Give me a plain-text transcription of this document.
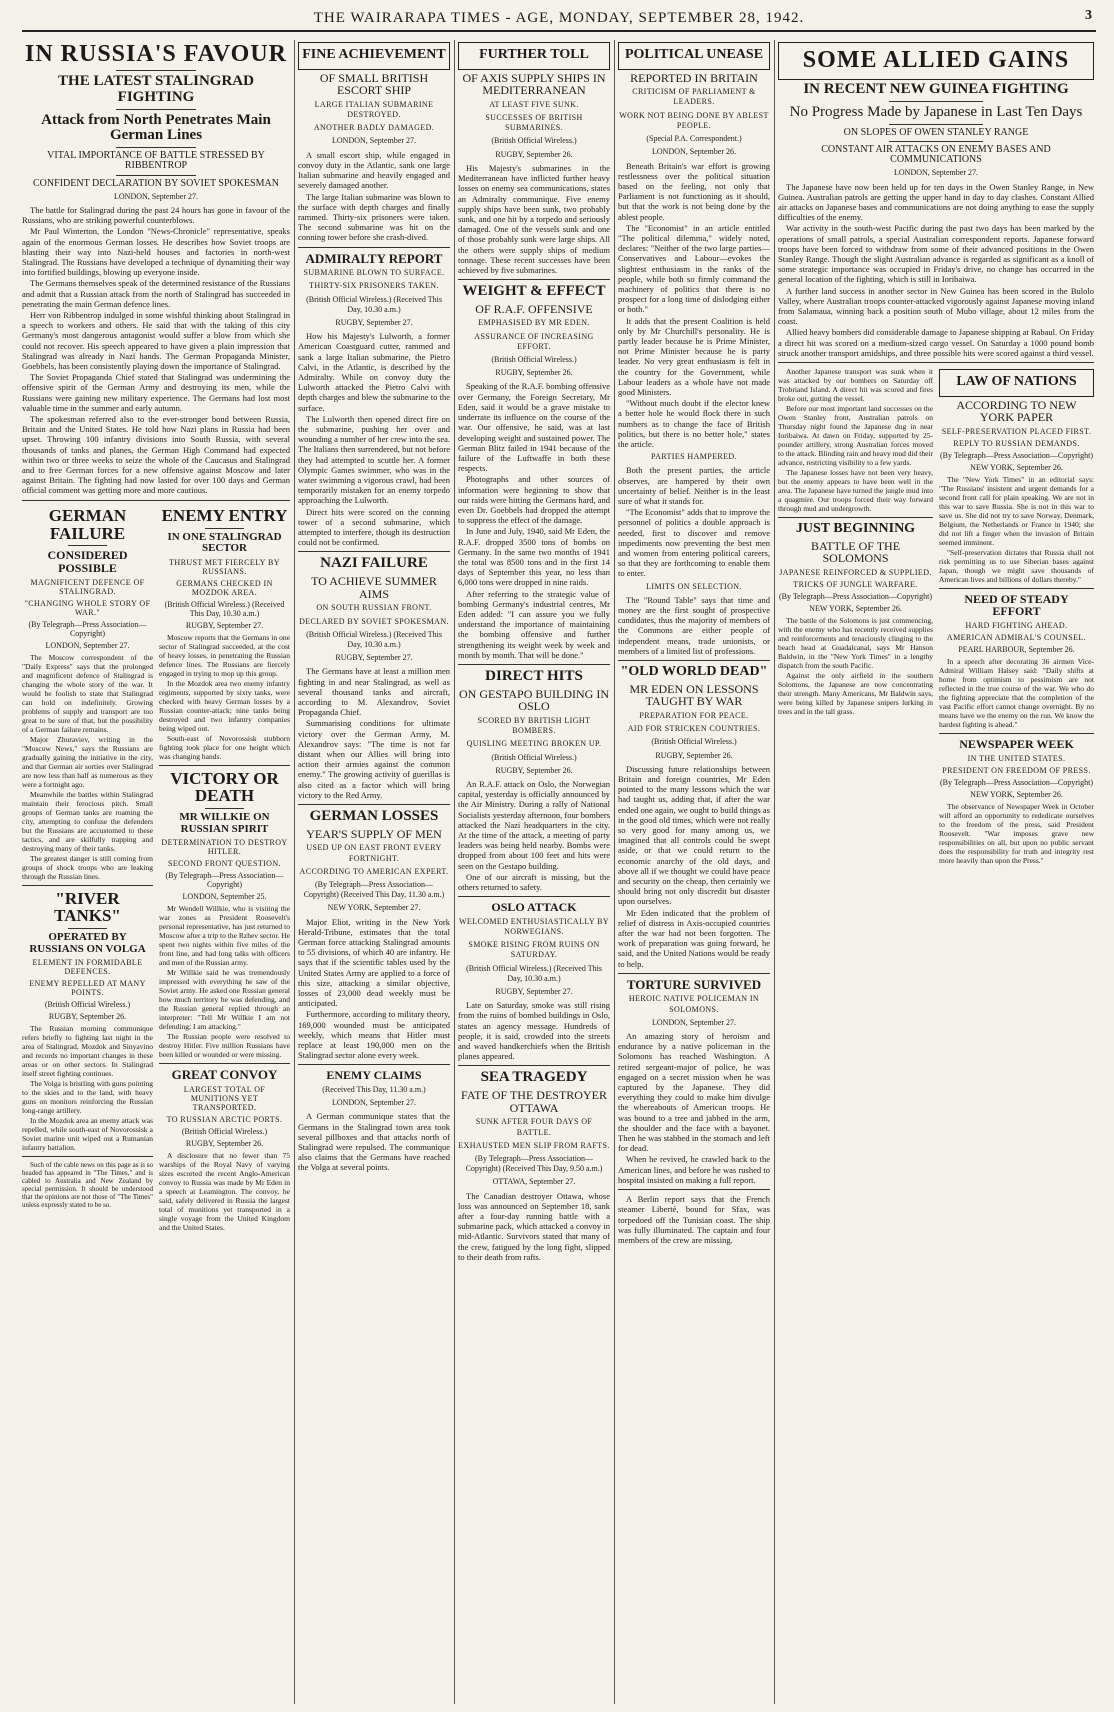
THE WAIRARAPA TIMES - AGE, MONDAY, SEPTEMBER 28, 1942.	3
IN RUSSIA'S FAVOUR
THE LATEST STALINGRAD FIGHTING
Attack from North Penetrates Main German Lines
VITAL IMPORTANCE OF BATTLE STRESSED BY RIBBENTROP
CONFIDENT DECLARATION BY SOVIET SPOKESMAN
LONDON, September 27.

The battle for Stalingrad during the past 24 hours has gone in favour of the Russians, who are striking powerful counterblows.

Mr Paul Winterton, the London "News-Chronicle" representative, speaks again of the enormous German losses. He describes how Soviet troops are blasting their way into Nazi-held houses and factories in north-west Stalingrad. The Russians have developed a technique of dynamiting their way into fortified buildings, blowing up everyone inside.

The Germans themselves speak of the determined resistance of the Russians and admit that a Russian attack from the north of Stalingrad has succeeded in penetrating the main German defence lines.

Herr von Ribbentrop indulged in some wishful thinking about Stalingrad in a speech to workers and others. He said that with the taking of this city Germany's most dangerous antagonist would suffer a blow from which she could not recover. His speech appeared to have given a plain impression that Stalingrad was already in Nazi hands. The German Propaganda Minister, Goebbels, has been consistently playing down the importance of Stalingrad.

The Soviet Propaganda Chief stated that Stalingrad was undermining the offensive spirit of the German Army and destroying its men, while the Russians were gaining new military experience. The Germans had lost most valuable time in the summer and early autumn.

The spokesman referred also to the ever-stronger bond between Russia, Britain and the United States. He told how Nazi plans in Russia had been upset. Throwing 100 infantry divisions into South Russia, with several thousands of tanks and planes, the German High Command had expected within two or three weeks to seize the whole of the Caucasus and Stalingrad and to free German forces for a new offensive against Moscow and later against Britain. The fighting had now lasted for over 100 days and German official comment was getting more and more cautious.

GERMAN FAILURE
CONSIDERED POSSIBLE
MAGNIFICENT DEFENCE OF STALINGRAD.
"CHANGING WHOLE STORY OF WAR."
(By Telegraph—Press Association—Copyright)
LONDON, September 27.

The Moscow correspondent of the "Daily Express" says that the prolonged and magnificent defence of Stalingrad is changing the whole story of the war. It would be foolish to state that Stalingrad can hold on indefinitely. Growing problems of supply and transport are too great to be sure of that, but the possibility of a German failure remains.

Major Zhuraviev, writing in the "Moscow News," says the Russians are gradually gaining the initiative in the city, and that German air sorties over Stalingrad are now less than half as numerous as they were a fortnight ago.

Meanwhile the battles within Stalingrad maintain their ferocious pitch. Small groups of German tanks are roaming the city, attempting to confuse the defenders but the Russians are accustomed to these tactics, and are skilfully trapping and destroying many of their tanks.

The greatest danger is still coming from groups of shock troops who are leaking through the Russian lines.

"RIVER TANKS"
OPERATED BY RUSSIANS ON VOLGA
ELEMENT IN FORMIDABLE DEFENCES.
ENEMY REPELLED AT MANY POINTS.
(British Official Wireless.)
RUGBY, September 26.

The Russian morning communique refers briefly to fighting last night in the area of Stalingrad, Mozdok and Sinyavino and records no important changes in these areas or on other sectors. In Stalingrad itself street fighting continues.

The Volga is bristling with guns pointing to the skies and to the land, with heavy guns on monitors reinforcing the Russian long-range artillery.

In the Mozdok area an enemy attack was repelled, while south-east of Novorossisk a Soviet marine unit wiped out a Rumanian infantry battalion.

Such of the cable news on this page as is so headed has appeared in "The Times," and is cabled to Australia and New Zealand by special permission. It should be understood that the opinions are not those of "The Times" unless expressly stated to be so.

ENEMY ENTRY
IN ONE STALINGRAD SECTOR
THRUST MET FIERCELY BY RUSSIANS.
GERMANS CHECKED IN MOZDOK AREA.
(British Official Wireless.) (Received This Day, 10.30 a.m.)
RUGBY, September 27.

Moscow reports that the Germans in one sector of Stalingrad succeeded, at the cost of heavy losses, in penetrating the Russian defence lines. The Russians are fiercely engaged in trying to mop up this group.

In the Mozdok area two enemy infantry regiments, supported by sixty tanks, were checked with heavy German losses by a Russian counter-attack; nine tanks being destroyed and two infantry companies being wiped out.

South-east of Novorossisk stubborn fighting took place for one height which was changing hands.

VICTORY OR DEATH
MR WILLKIE ON RUSSIAN SPIRIT
DETERMINATION TO DESTROY HITLER.
SECOND FRONT QUESTION.
(By Telegraph—Press Association—Copyright)
LONDON, September 25.

Mr Wendell Willkie, who is visiting the war zones as President Roosevelt's personal representative, has just returned to Moscow after a trip to the Rzhev sector. He spent two nights within five miles of the front line, and had long talks with officers and men of the Russian army.

Mr Willkie said he was tremendously impressed with everything he saw of the Soviet army. He asked one Russian general how much territory he was defending, and the Russian general replied through an interpreter: "Tell Mr Willkie I am not defending; I am attacking."

The Russian people were resolved to destroy Hitler. Five million Russians have been killed or wounded or were missing.

GREAT CONVOY
LARGEST TOTAL OF MUNITIONS YET TRANSPORTED.
TO RUSSIAN ARCTIC PORTS.
(British Official Wireless.)
RUGBY, September 26.

A disclosure that no fewer than 75 warships of the Royal Navy of varying sizes escorted the recent Anglo-American convoy to Russia was made by Mr Eden in a speech at Leamington. The convoy, he said, safely delivered in Russia the largest total of munitions yet transported in a single voyage from the United Kingdom and the United States.

FINE ACHIEVEMENT
OF SMALL BRITISH ESCORT SHIP
LARGE ITALIAN SUBMARINE DESTROYED.
ANOTHER BADLY DAMAGED.
LONDON, September 27.

A small escort ship, while engaged in convoy duty in the Atlantic, sank one large Italian submarine and heavily engaged and severely damaged another.

The large Italian submarine was blown to the surface with depth charges and finally rammed. Thirty-six prisoners were taken. The second submarine was hit on the conning tower before she crash-dived.

ADMIRALTY REPORT
SUBMARINE BLOWN TO SURFACE.
THIRTY-SIX PRISONERS TAKEN.
(British Official Wireless.) (Received This Day, 10.30 a.m.)
RUGBY, September 27.

How his Majesty's Lulworth, a former American Coastguard cutter, rammed and sank a large Italian submarine, the Pietro Calvi, in the Atlantic, is described by the Admiralty. While on convoy duty the Lulworth attacked the Pietro Calvi with depth charges and blew the submarine to the surface.

The Lulworth then opened direct fire on the submarine, pushing her over and wounding a number of her crew into the sea. The Italians then surrendered, but not before they had attempted to scuttle her. A former Olympic Games swimmer, who was in the water swimming a vigorous crawl, had been temporarily mistaken for an enemy torpedo approaching the Lulworth.

Direct hits were scored on the conning tower of a second submarine, which attempted to interfere, though its destruction could not be confirmed.

NAZI FAILURE
TO ACHIEVE SUMMER AIMS
ON SOUTH RUSSIAN FRONT.
DECLARED BY SOVIET SPOKESMAN.
(British Official Wireless.) (Received This Day, 10.30 a.m.)
RUGBY, September 27.

The Germans have at least a million men fighting in and near Stalingrad, as well as several thousand tanks and aircraft, according to M. Alexandrov, Soviet Propaganda Chief.

Summarising conditions for ultimate victory over the German Army, M. Alexandrov says: "The time is not far distant when our Allies will bring into action their armies against the common enemy." The growing activity of guerillas is also cited as a factor which will bring victory to the Red Army.

GERMAN LOSSES
YEAR'S SUPPLY OF MEN
USED UP ON EAST FRONT EVERY FORTNIGHT.
ACCORDING TO AMERICAN EXPERT.
(By Telegraph—Press Association—Copyright) (Received This Day, 11.30 a.m.)
NEW YORK, September 27.

Major Eliot, writing in the New York Herald-Tribune, estimates that the total German force attacking Stalingrad amounts to 55 divisions, of which 40 are infantry. He says that if the scientific tables used by the United States Army are applied to a force of this size, attacking a similar objective, losses of 23,000 dead weekly must be anticipated.

Furthermore, according to military theory, 169,000 wounded must be anticipated weekly, which means that Hitler must replace at least 190,000 men on the Stalingrad sector alone every week.

ENEMY CLAIMS
(Received This Day, 11.30 a.m.)
LONDON, September 27.

A German communique states that the Germans in the Stalingrad town area took several pillboxes and that attacks north of Stalingrad were repulsed. The communique also claims that the Germans have reached the Volga at several points.

FURTHER TOLL
OF AXIS SUPPLY SHIPS IN MEDITERRANEAN
AT LEAST FIVE SUNK.
SUCCESSES OF BRITISH SUBMARINES.
(British Official Wireless.)
RUGBY, September 26.

His Majesty's submarines in the Mediterranean have inflicted further heavy losses on enemy sea communications, states an Admiralty communique. Five enemy supply ships have been sunk, two probably sunk, and one hit by a torpedo and seriously damaged. One of the vessels sunk and one of those probably sunk were large ships. All the others were supply ships of medium tonnage. These recent successes have been achieved by five submarines.

WEIGHT & EFFECT
OF R.A.F. OFFENSIVE
EMPHASISED BY MR EDEN.
ASSURANCE OF INCREASING EFFORT.
(British Official Wireless.)
RUGBY, September 26.

Speaking of the R.A.F. bombing offensive over Germany, the Foreign Secretary, Mr Eden, said it would be a grave mistake to underrate its influence on the course of the war. Our offensive, he said, was at last developing weight and sustained power. The German Blitz failed in 1941 because of the failure of the Luftwaffe in both these respects.

Photographs and other sources of information were beginning to show that our raids were hitting the Germans hard, and even Dr. Goebbels had dropped the attempt to suppress the effect of the damage.

In June and July, 1940, said Mr Eden, the R.A.F. dropped 3500 tons of bombs on Germany. In the same two months of 1941 the total was 8500 tons and in the first 14 days of September this year, no less than 6,000 tons were dropped in nine raids.

After referring to the strategic value of bombing Germany's industrial centres, Mr Eden added: "I can assure you we fully understand the importance of maintaining the bombing offensive and further strengthening its weight week by week and month by month. That will be done."

DIRECT HITS
ON GESTAPO BUILDING IN OSLO
SCORED BY BRITISH LIGHT BOMBERS.
QUISLING MEETING BROKEN UP.
(British Official Wireless.)
RUGBY, September 26.

An R.A.F. attack on Oslo, the Norwegian capital, yesterday is officially announced by the Air Ministry. During a rally of National Socialists yesterday afternoon, four bombers attacked the Nazi headquarters in the city. At the time of the attack, a meeting of party leaders was being held nearby. Bombs were dropped from about 100 feet and hits were seen on the Gestapo building.

One of our aircraft is missing, but the others returned to safety.

OSLO ATTACK
WELCOMED ENTHUSIASTICALLY BY NORWEGIANS.
SMOKE RISING FROM RUINS ON SATURDAY.
(British Official Wireless.) (Received This Day, 10.30 a.m.)
RUGBY, September 27.

Late on Saturday, smoke was still rising from the ruins of bombed buildings in Oslo, states an agency message. Hundreds of people, it is said, crowded into the streets and waved handkerchiefs when the British planes appeared.

SEA TRAGEDY
FATE OF THE DESTROYER OTTAWA
SUNK AFTER FOUR DAYS OF BATTLE.
EXHAUSTED MEN SLIP FROM RAFTS.
(By Telegraph—Press Association—Copyright) (Received This Day, 9.50 a.m.)
OTTAWA, September 27.

The Canadian destroyer Ottawa, whose loss was announced on September 18, sank after a four-day running battle with a submarine pack, which attacked a convoy in mid-Atlantic. Survivors stated that many of the crew, fatigued by the long fight, slipped to their death from rafts.

POLITICAL UNEASE
REPORTED IN BRITAIN
CRITICISM OF PARLIAMENT & LEADERS.
WORK NOT BEING DONE BY ABLEST PEOPLE.
(Special P.A. Correspondent.)
LONDON, September 26.

Beneath Britain's war effort is growing restlessness over the political situation based on the feeling, not only that Parliament is not functioning as it should, but that the work is not being done by the ablest people.

The "Economist" in an article entitled "The political dilemma," widely noted, declares: "Neither of the two large parties—Conservatives and Labour—evokes the slightest enthusiasm in the ranks of the people, while both so firmly command the machinery of politics that there is no prospect for a long time of dislodging either or both."

It adds that the present Coalition is held only by Mr Churchill's personality. He is partly leader because he is Prime Minister, not Prime Minister because he is party leader. No very great enthusiasm is felt in the country for the Government, while Labour leaders as a whole have not made good Ministers.

"Without much doubt if the elector knew a better hole he would flock there in such numbers as to change the face of British politics, but there is no better hole," states the article.

PARTIES HAMPERED.

Both the present parties, the article observes, are hampered by their own uncertainty of belief. Neither is in the least sure of what it stands for.

"The Economist" adds that to improve the personnel of politics a double approach is needed, first to discover and remove impediments now preventing the best men and women from entering political careers, so that they are forthcoming to enable them to enter.

LIMITS ON SELECTION.

The "Round Table" says that time and money are the first sought of prospective candidates, thus the majority of members of the Commons are either people of independent means, trade unionists, or members of a limited list of professions.

"OLD WORLD DEAD"
MR EDEN ON LESSONS TAUGHT BY WAR
PREPARATION FOR PEACE.
AID FOR STRICKEN COUNTRIES.
(British Official Wireless.)
RUGBY, September 26.

Discussing future relationships between Britain and foreign countries, Mr Eden pointed to the many lessons which the war had taught us, adding that, if after the war ended one again, we ought to build things as in the good old times, which were not really so very good for many among us, we imagined that all controls could be swept aside, or that we could return to the economic anarchy of the old days, and above all if we thought we could have peace and security on the cheap, then certainly we should bring not only discredit but disaster upon ourselves.

Mr Eden indicated that the problem of relief of distress in Axis-occupied countries after the war had not been forgotten. The work of preparation was going forward, he said, and the United Nations would be ready to help.

TORTURE SURVIVED
HEROIC NATIVE POLICEMAN IN SOLOMONS.
LONDON, September 27.

An amazing story of heroism and endurance by a native policeman in the Solomons has reached Washington. A retired sergeant-major of police, he was engaged on a secret mission when he was captured by the Japanese. They did everything they could to make him divulge the whereabouts of American troops. He was bound to a tree and jabbed in the arm, the shoulder and the face with a bayonet. Then he was stabbed in the stomach and left for dead.

When he revived, he crawled back to the American lines, and before he was rushed to hospital insisted on making a full report.

A Berlin report says that the French steamer Liberté, bound for Sfax, was torpedoed off the Tunisian coast. The ship was fully illuminated. The captain and four members of the crew are missing.

SOME ALLIED GAINS
IN RECENT NEW GUINEA FIGHTING
No Progress Made by Japanese in Last Ten Days
ON SLOPES OF OWEN STANLEY RANGE
CONSTANT AIR ATTACKS ON ENEMY BASES AND COMMUNICATIONS
LONDON, September 27.

The Japanese have now been held up for ten days in the Owen Stanley Range, in New Guinea. Australian patrols are getting the upper hand in day to day clashes. Constant Allied air attacks on Japanese bases and communications are not doing anything to ease the supply difficulties of the enemy.

War activity in the south-west Pacific during the past two days has been marked by the operations of small patrols, a special Australian correspondent reports. Japanese forward troops have been forced to withdraw from some of their advanced positions in the Owen Stanley Range. Though the slight Australian advance is regarded as significant as a knoll of some strategic importance was occupied in Friday's drive, no change has occurred in the general location of the fighting, which is still in Ioribaiwa.

A further land success in another sector in New Guinea has been scored in the Bulolo Valley, where Australian troops counter-attacked vigorously against Japanese moving inland from Salamaua, winning back a position south of Mubo village, about 12 miles from the coast.

Allied heavy bombers did considerable damage to Japanese shipping at Rabaul. On Friday a direct hit was scored on a medium-sized cargo vessel. On Saturday a 1000 pound bomb struck another transport amidships, and three possible hits were scored against a third vessel.

Another Japanese transport was sunk when it was attacked by our bombers on Saturday off Trobriand Island. A direct hit was scored and fires broke out, gutting the vessel.

Before our most important land successes on the Owen Stanley front, Australian patrols on Thursday night found the Japanese dug in near Ioribaiwa. At dawn on Friday, supported by 25-pounder artillery, strong Australian forces moved to the attack. Blinding rain and heavy mud did their advance, restricting visibility to a few yards.

The Japanese losses have not been very heavy, but the enemy appears to have been well in the area. The Japanese have turned the jungle mud into a quagmire. Our troops forced their way forward through mud and undergrowth.

JUST BEGINNING
BATTLE OF THE SOLOMONS
JAPANESE REINFORCED & SUPPLIED.
TRICKS OF JUNGLE WARFARE.
(By Telegraph—Press Association—Copyright)
NEW YORK, September 26.

The battle of the Solomons is just commencing, with the enemy who has recently received supplies and reinforcements and tenaciously clinging to the beach head at Guadalcanal, says Mr Hanson Baldwin, in the "New York Times" in a lengthy dispatch from the south Pacific.

Against the only airfield in the southern Solomons, the Japanese are now concentrating their strength. Many Americans, Mr Baldwin says, were being killed by Japanese snipers lurking in trees and in the tall grass.

LAW OF NATIONS
ACCORDING TO NEW YORK PAPER
SELF-PRESERVATION PLACED FIRST.
REPLY TO RUSSIAN DEMANDS.
(By Telegraph—Press Association—Copyright)
NEW YORK, September 26.

The "New York Times" in an editorial says: "The Russians' insistent and urgent demands for a second front call for plain speaking. We are not in this war to save Russia. She is not in this war to save us. She did not try to save Norway, Denmark, Belgium, the Netherlands or France in 1940; she did not lift a finger when the invasion of Britain seemed imminent.

"Self-preservation dictates that Russia shall not risk permitting us to use Siberian bases against Japan, though we might save thousands of American lives and billions of dollars thereby."

NEED OF STEADY EFFORT
HARD FIGHTING AHEAD.
AMERICAN ADMIRAL'S COUNSEL.
PEARL HARBOUR, September 26.

In a speech after decorating 36 airmen Vice-Admiral William Halsey said: "Daily shifts at home from optimism to pessimism are not reflected in the true course of the war. We who do the fighting appreciate that the completion of the vast Pacific effort cannot change overnight. By no means have we the enemy on the run. We know the hardest fighting is ahead."

NEWSPAPER WEEK
IN THE UNITED STATES.
PRESIDENT ON FREEDOM OF PRESS.
(By Telegraph—Press Association—Copyright)
NEW YORK, September 26.

The observance of Newspaper Week in October will afford an opportunity to rededicate ourselves to the freedom of the press, said President Roosevelt. "War imposes grave new responsibilities on all, but upon no public servant does the responsibility for truth and integrity rest more heavily than upon the Press."
